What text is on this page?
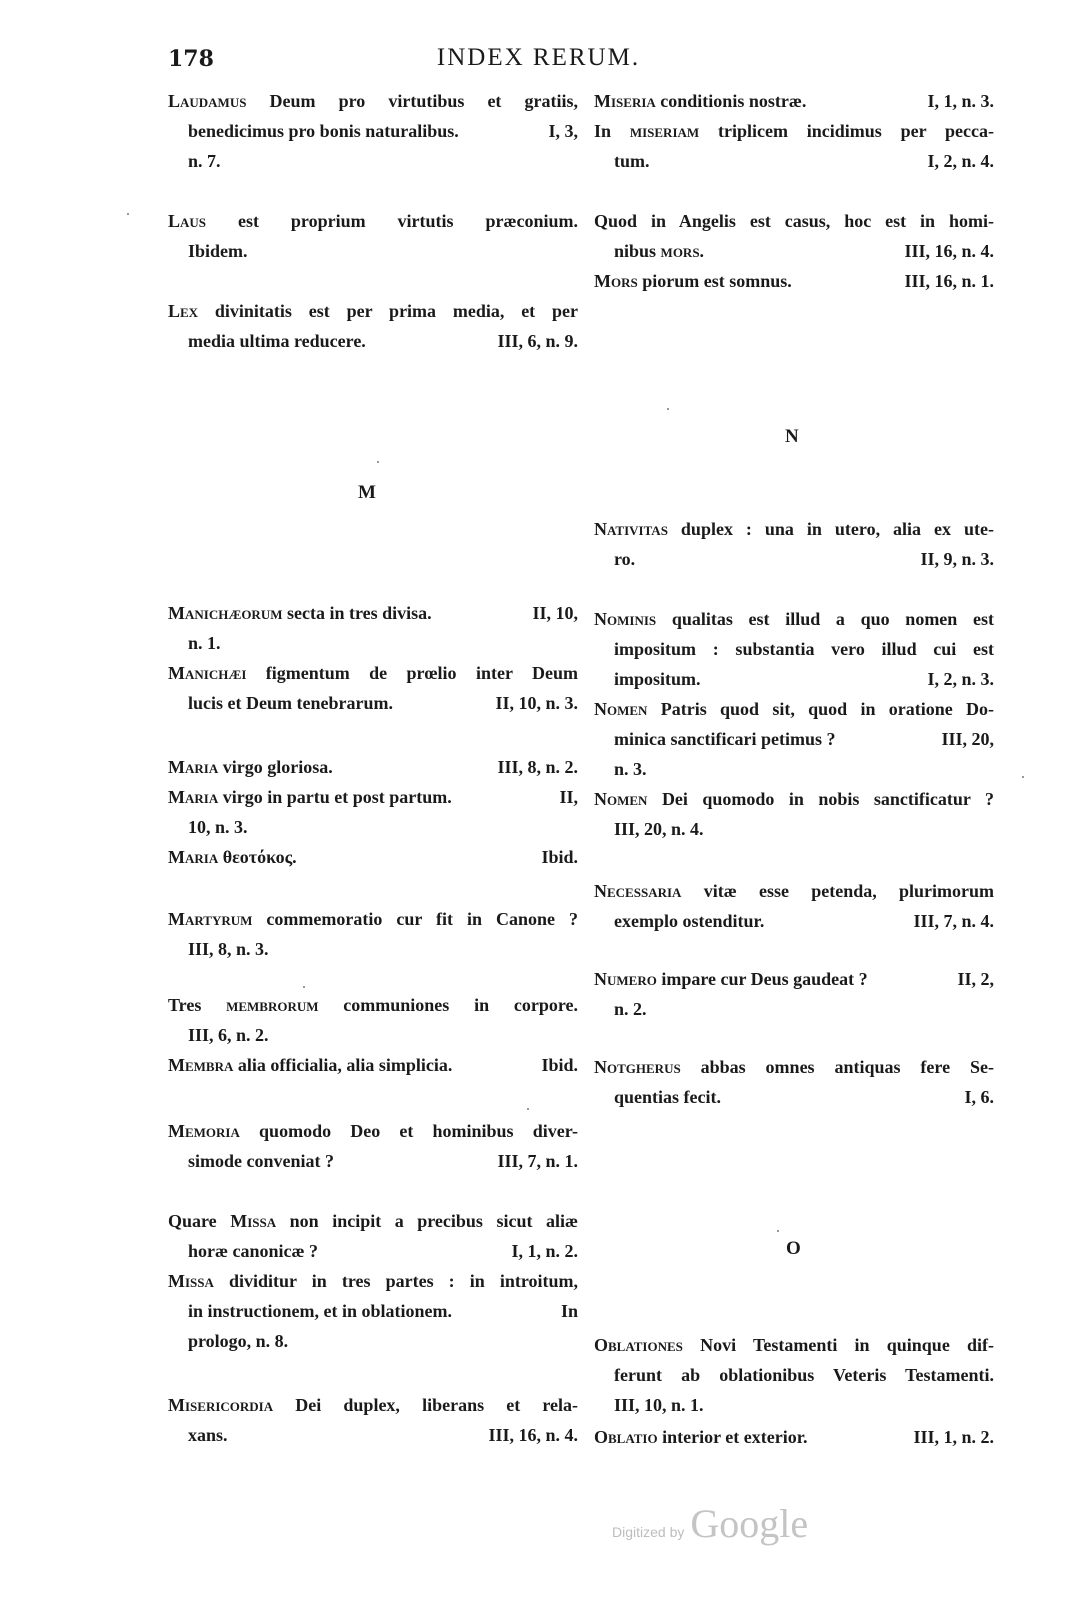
178	INDEX RERUM.
Laudamus Deum pro virtutibus et gratiis,
benedicimus pro bonis naturalibus.	I, 3,
n. 7.
Laus est proprium virtutis præconium.
Ibidem.
Lex divinitatis est per prima media, et per
media ultima reducere.	III, 6, n. 9.
Manichæorum secta in tres divisa.	II, 10,
n. 1.
Manichæi figmentum de prœlio inter Deum
lucis et Deum tenebrarum.	II, 10, n. 3.
Maria virgo gloriosa.	III, 8, n. 2.
Maria virgo in partu et post partum.	II,
10, n. 3.
Maria θεοτόκος.	Ibid.
Martyrum commemoratio cur fit in Canone ?
III, 8, n. 3.
Tres membrorum communiones in corpore.
III, 6, n. 2.
Membra alia officialia, alia simplicia.	Ibid.
Memoria quomodo Deo et hominibus diver-
simode conveniat ?	III, 7, n. 1.
Quare Missa non incipit a precibus sicut aliæ
horæ canonicæ ?	I, 1, n. 2.
Missa dividitur in tres partes : in introitum,
in instructionem, et in oblationem.	In
prologo, n. 8.
Misericordia Dei duplex, liberans et rela-
xans.	III, 16, n. 4.
M
N
O
Miseria conditionis nostræ.	I, 1, n. 3.
In miseriam triplicem incidimus per pecca-
tum.	I, 2, n. 4.
Quod in Angelis est casus, hoc est in homi-
nibus mors.	III, 16, n. 4.
Mors piorum est somnus.	III, 16, n. 1.
Nativitas duplex : una in utero, alia ex ute-
ro.	II, 9, n. 3.
Nominis qualitas est illud a quo nomen est
impositum : substantia vero illud cui est
impositum.	I, 2, n. 3.
Nomen Patris quod sit, quod in oratione Do-
minica sanctificari petimus ?	III, 20,
n. 3.
Nomen Dei quomodo in nobis sanctificatur ?
III, 20, n. 4.
Necessaria vitæ esse petenda, plurimorum
exemplo ostenditur.	III, 7, n. 4.
Numero impare cur Deus gaudeat ?	II, 2,
n. 2.
Notgherus abbas omnes antiquas fere Se-
quentias fecit.	I, 6.
Oblationes Novi Testamenti in quinque dif-
ferunt ab oblationibus Veteris Testamenti.
III, 10, n. 1.
Oblatio interior et exterior.	III, 1, n. 2.
Digitized by Google
